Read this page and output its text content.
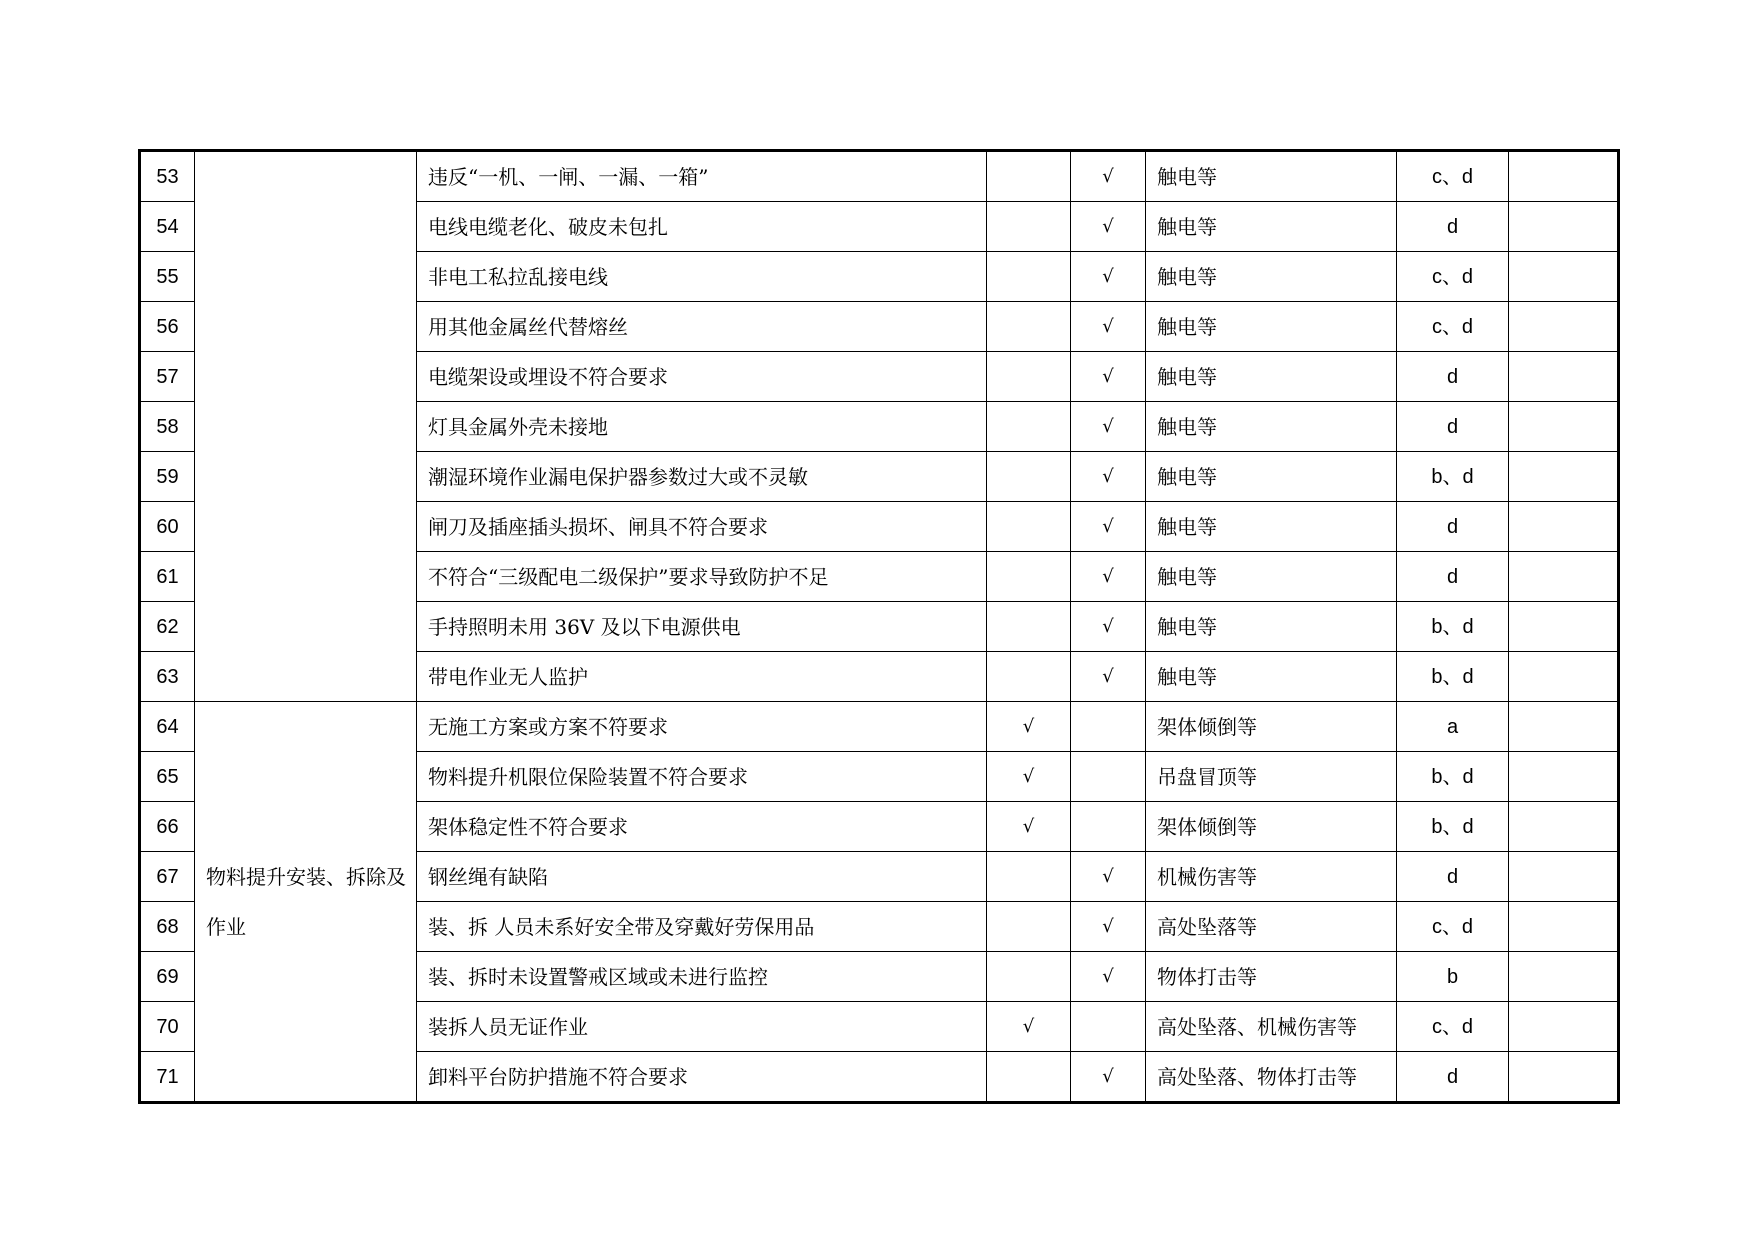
53		违反“一机、一闸、一漏、一箱”		√	触电等	c、d	
54		电线电缆老化、破皮未包扎		√	触电等	d	
55		非电工私拉乱接电线		√	触电等	c、d	
56		用其他金属丝代替熔丝		√	触电等	c、d	
57		电缆架设或埋设不符合要求		√	触电等	d	
58		灯具金属外壳未接地		√	触电等	d	
59		潮湿环境作业漏电保护器参数过大或不灵敏		√	触电等	b、d	
60		闸刀及插座插头损坏、闸具不符合要求		√	触电等	d	
61		不符合“三级配电二级保护”要求导致防护不足		√	触电等	d	
62		手持照明未用 36V 及以下电源供电		√	触电等	b、d	
63		带电作业无人监护		√	触电等	b、d	
64	物料提升安装、拆除及作业	无施工方案或方案不符要求	√		架体倾倒等	a	
65		物料提升机限位保险装置不符合要求	√		吊盘冒顶等	b、d	
66		架体稳定性不符合要求	√		架体倾倒等	b、d	
67		钢丝绳有缺陷		√	机械伤害等	d	
68		装、拆 人员未系好安全带及穿戴好劳保用品		√	高处坠落等	c、d	
69		装、拆时未设置警戒区域或未进行监控		√	物体打击等	b	
70		装拆人员无证作业	√		高处坠落、机械伤害等	c、d	
71		卸料平台防护措施不符合要求		√	高处坠落、物体打击等	d	
